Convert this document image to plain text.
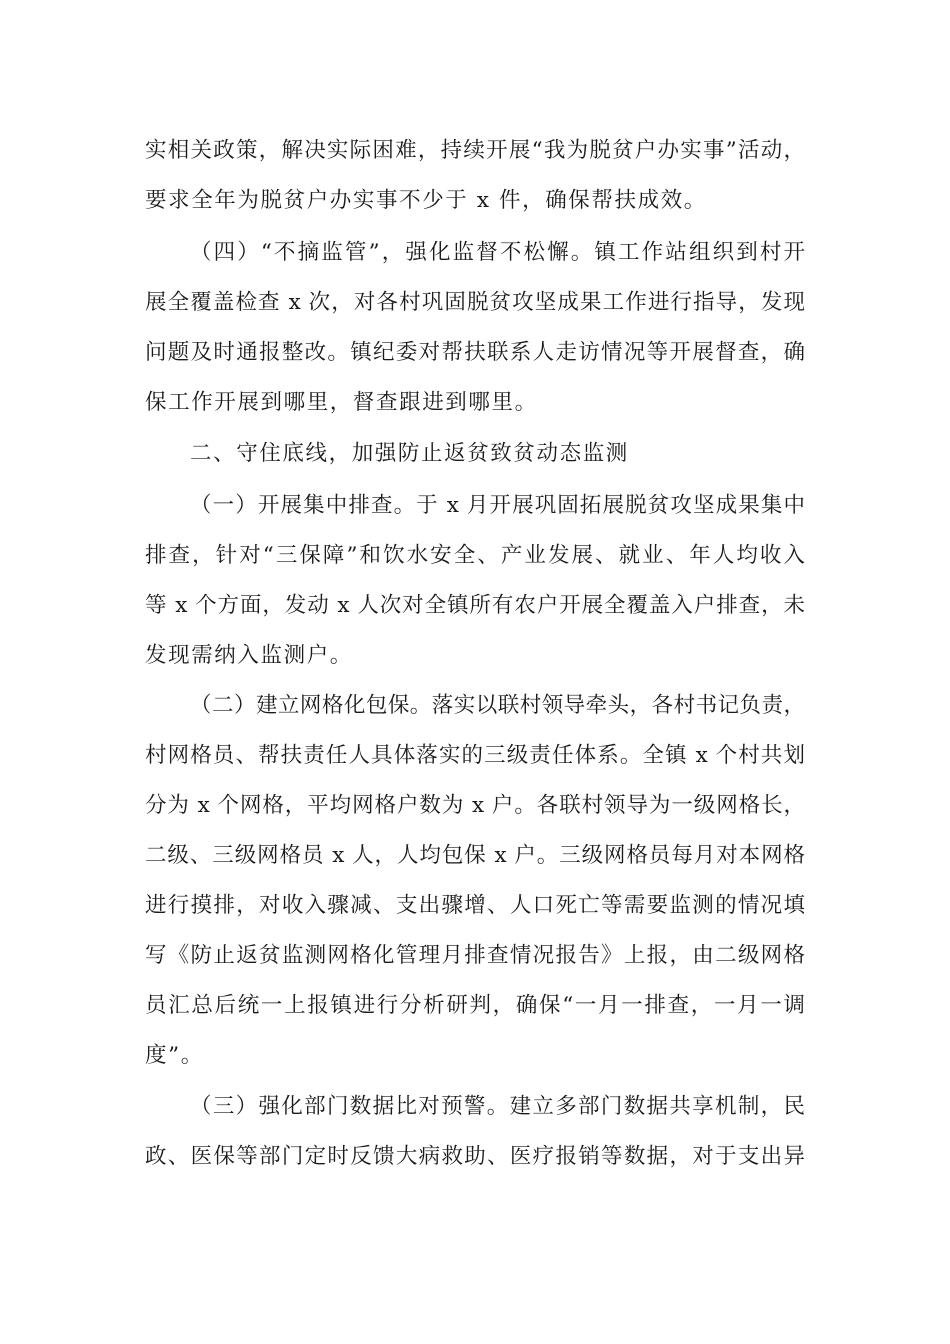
实相关政策，解决实际困难，持续开展“我为脱贫户办实事”活动，
要求全年为脱贫户办实事不少于 x 件，确保帮扶成效。
（四）“不摘监管”，强化监督不松懈。镇工作站组织到村开
展全覆盖检查 x 次，对各村巩固脱贫攻坚成果工作进行指导，发现
问题及时通报整改。镇纪委对帮扶联系人走访情况等开展督查，确
保工作开展到哪里，督查跟进到哪里。
二、守住底线，加强防止返贫致贫动态监测
（一）开展集中排查。于 x 月开展巩固拓展脱贫攻坚成果集中
排查，针对“三保障”和饮水安全、产业发展、就业、年人均收入
等 x 个方面，发动 x 人次对全镇所有农户开展全覆盖入户排查，未
发现需纳入监测户。
（二）建立网格化包保。落实以联村领导牵头，各村书记负责，
村网格员、帮扶责任人具体落实的三级责任体系。全镇 x 个村共划
分为 x 个网格，平均网格户数为 x 户。各联村领导为一级网格长，
二级、三级网格员 x 人，人均包保 x 户。三级网格员每月对本网格
进行摸排，对收入骤减、支出骤增、人口死亡等需要监测的情况填
写《防止返贫监测网格化管理月排查情况报告》上报，由二级网格
员汇总后统一上报镇进行分析研判，确保“一月一排查，一月一调
度”。
（三）强化部门数据比对预警。建立多部门数据共享机制，民
政、医保等部门定时反馈大病救助、医疗报销等数据，对于支出异
